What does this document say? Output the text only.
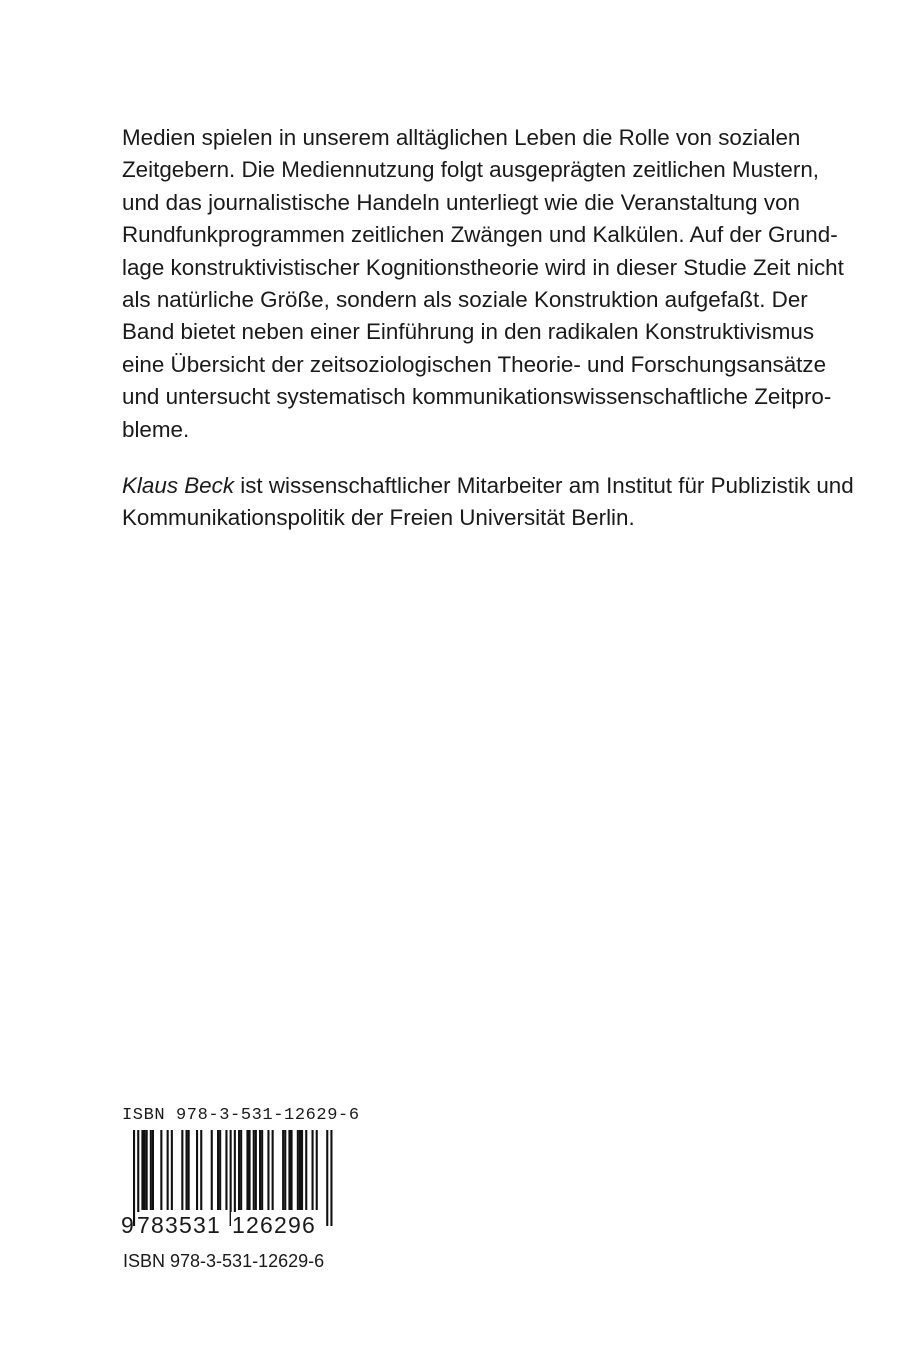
Medien spielen in unserem alltäglichen Leben die Rolle von sozialen
Zeitgebern. Die Mediennutzung folgt ausgeprägten zeitlichen Mustern,
und das journalistische Handeln unterliegt wie die Veranstaltung von
Rundfunkprogrammen zeitlichen Zwängen und Kalkülen. Auf der Grund-
lage konstruktivistischer Kognitionstheorie wird in dieser Studie Zeit nicht
als natürliche Größe, sondern als soziale Konstruktion aufgefaßt. Der
Band bietet neben einer Einführung in den radikalen Konstruktivismus
eine Übersicht der zeitsoziologischen Theorie- und Forschungsansätze
und untersucht systematisch kommunikationswissenschaftliche Zeitpro-
bleme.
Klaus Beck ist wissenschaftlicher Mitarbeiter am Institut für Publizistik und
Kommunikationspolitik der Freien Universität Berlin.
ISBN 978-3-531-12629-6
9 783531 126296
ISBN 978-3-531-12629-6
